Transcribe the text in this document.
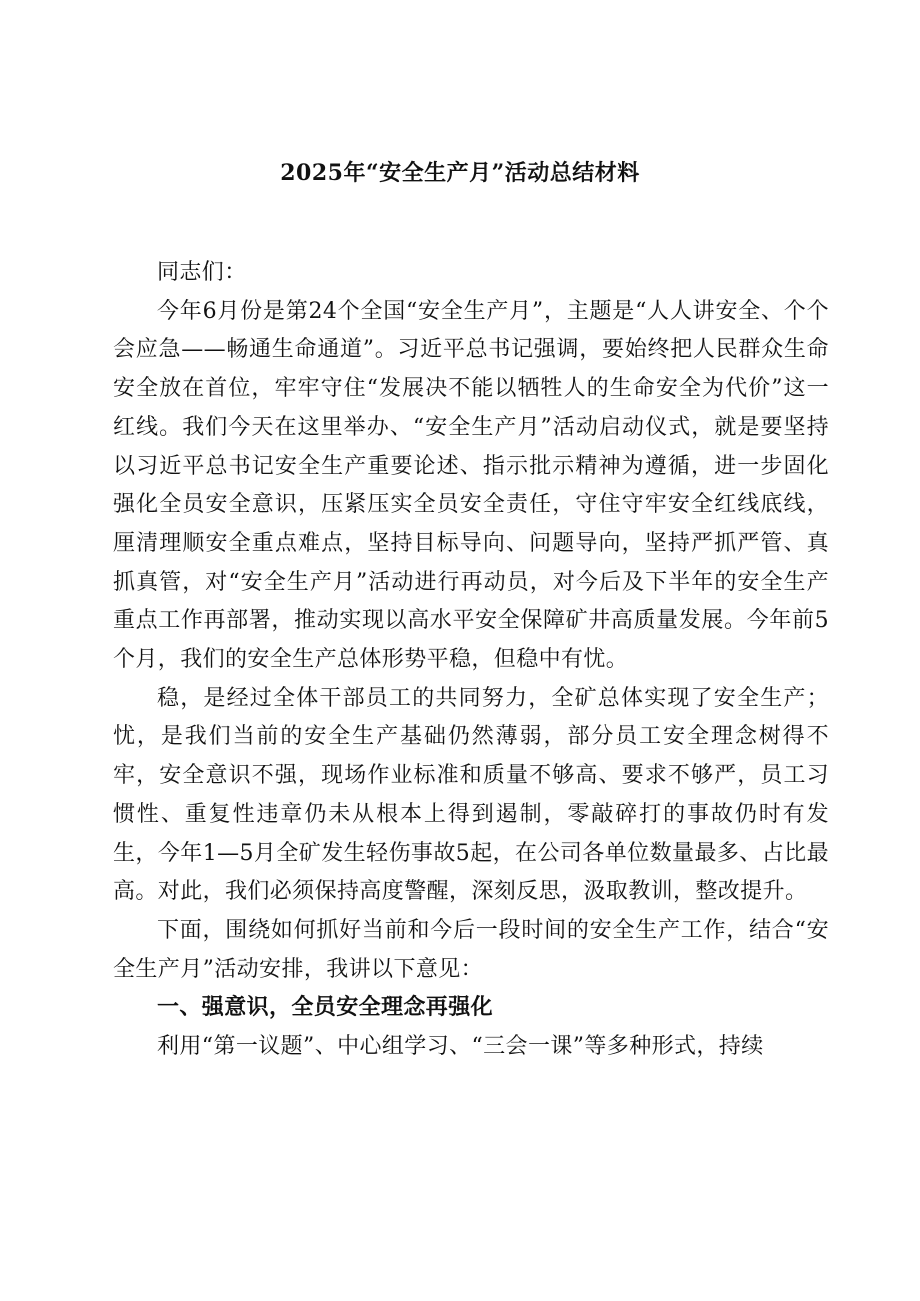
2025年“安全生产月”活动总结材料

同志们：

今年6月份是第24个全国“安全生产月”，主题是“人人讲安全、个个会应急——畅通生命通道”。习近平总书记强调，要始终把人民群众生命安全放在首位，牢牢守住“发展决不能以牺牲人的生命安全为代价”这一红线。我们今天在这里举办、“安全生产月”活动启动仪式，就是要坚持以习近平总书记安全生产重要论述、指示批示精神为遵循，进一步固化强化全员安全意识，压紧压实全员安全责任，守住守牢安全红线底线，厘清理顺安全重点难点，坚持目标导向、问题导向，坚持严抓严管、真抓真管，对“安全生产月”活动进行再动员，对今后及下半年的安全生产重点工作再部署，推动实现以高水平安全保障矿井高质量发展。今年前5个月，我们的安全生产总体形势平稳，但稳中有忧。

稳，是经过全体干部员工的共同努力，全矿总体实现了安全生产；忧，是我们当前的安全生产基础仍然薄弱，部分员工安全理念树得不牢，安全意识不强，现场作业标准和质量不够高、要求不够严，员工习惯性、重复性违章仍未从根本上得到遏制，零敲碎打的事故仍时有发生，今年1—5月全矿发生轻伤事故5起，在公司各单位数量最多、占比最高。对此，我们必须保持高度警醒，深刻反思，汲取教训，整改提升。

下面，围绕如何抓好当前和今后一段时间的安全生产工作，结合“安全生产月”活动安排，我讲以下意见：

一、强意识，全员安全理念再强化

利用“第一议题”、中心组学习、“三会一课”等多种形式，持续
